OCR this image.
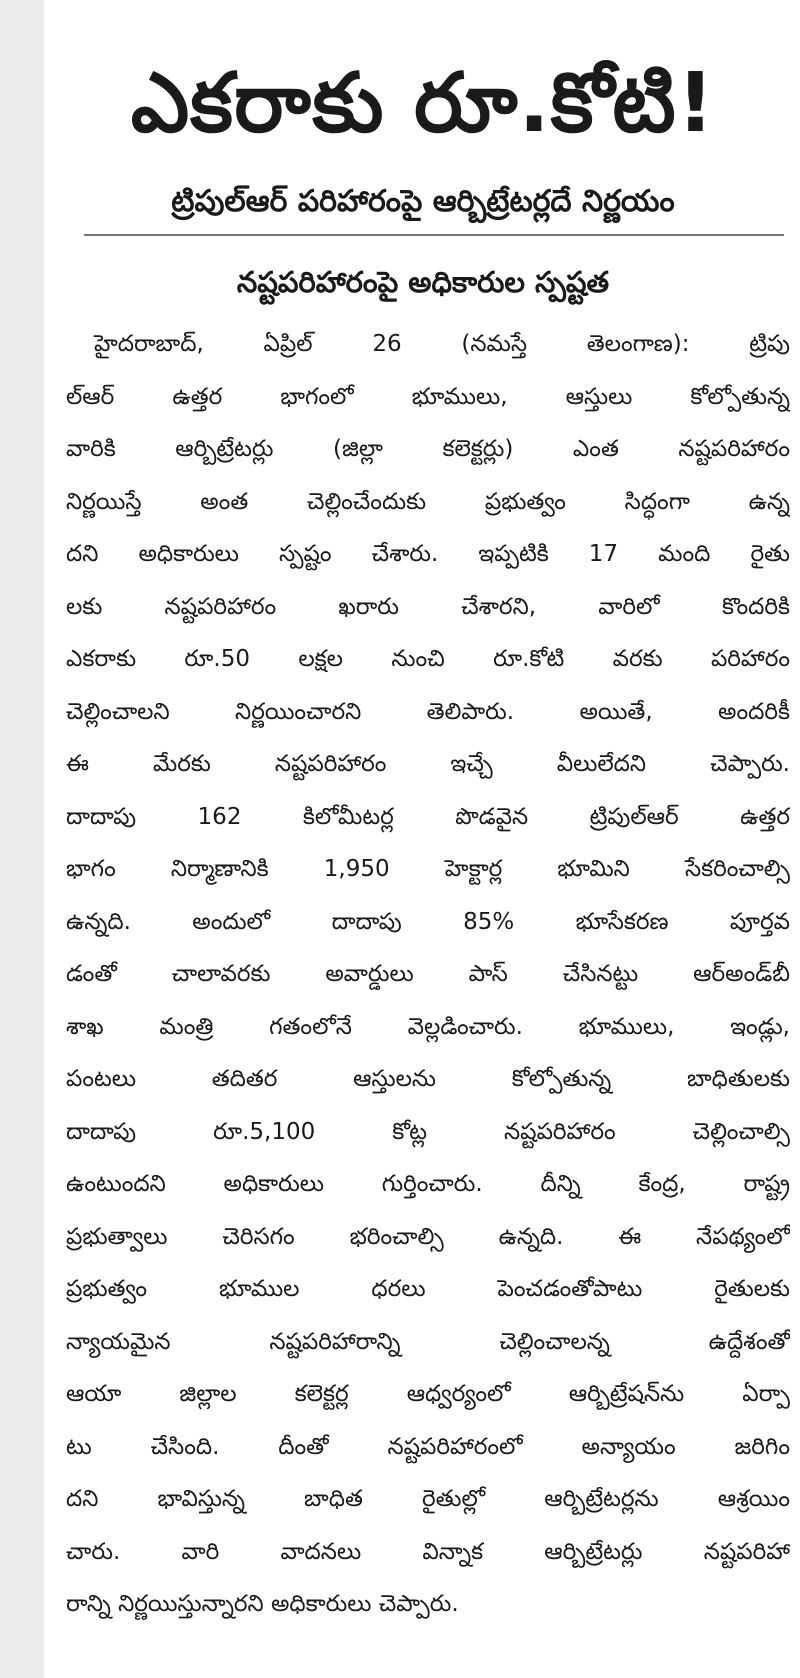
ఎకరాకు రూ.కోటి!
ట్రిపుల్‌ఆర్‌ పరిహారంపై ఆర్బిట్రేటర్లదే నిర్ణయం
నష్టపరిహారంపై అధికారుల స్పష్టత
హైదరాబాద్‌, ఏప్రిల్‌ 26 (నమస్తే తెలంగాణ): ట్రిపు
ల్‌ఆర్‌ ఉత్తర భాగంలో భూములు, ఆస్తులు కోల్పోతున్న
వారికి ఆర్బిట్రేటర్లు (జిల్లా కలెక్టర్లు) ఎంత నష్టపరిహారం
నిర్ణయిస్తే అంత చెల్లించేందుకు ప్రభుత్వం సిద్ధంగా ఉన్న
దని అధికారులు స్పష్టం చేశారు. ఇప్పటికి 17 మంది రైతు
లకు నష్టపరిహారం ఖరారు చేశారని, వారిలో కొందరికి
ఎకరాకు రూ.50 లక్షల నుంచి రూ.కోటి వరకు పరిహారం
చెల్లించాలని నిర్ణయించారని తెలిపారు. అయితే, అందరికీ
ఈ మేరకు నష్టపరిహారం ఇచ్చే వీలులేదని చెప్పారు.
దాదాపు 162 కిలోమీటర్ల పొడవైన ట్రిపుల్‌ఆర్‌ ఉత్తర
భాగం నిర్మాణానికి 1,950 హెక్టార్ల భూమిని సేకరించాల్సి
ఉన్నది. అందులో దాదాపు 85% భూసేకరణ పూర్తవ
డంతో చాలావరకు అవార్డులు పాస్‌ చేసినట్టు ఆర్‌అండ్‌బీ
శాఖ మంత్రి గతంలోనే వెల్లడించారు. భూములు, ఇండ్లు,
పంటలు తదితర ఆస్తులను కోల్పోతున్న బాధితులకు
దాదాపు రూ.5,100 కోట్ల నష్టపరిహారం చెల్లించాల్సి
ఉంటుందని అధికారులు గుర్తించారు. దీన్ని కేంద్ర, రాష్ట్ర
ప్రభుత్వాలు చెరిసగం భరించాల్సి ఉన్నది. ఈ నేపథ్యంలో
ప్రభుత్వం భూముల ధరలు పెంచడంతోపాటు రైతులకు
న్యాయమైన నష్టపరిహారాన్ని చెల్లించాలన్న ఉద్దేశంతో
ఆయా జిల్లాల కలెక్టర్ల ఆధ్వర్యంలో ఆర్బిట్రేషన్‌ను ఏర్పా
టు చేసింది. దీంతో నష్టపరిహారంలో అన్యాయం జరిగిం
దని భావిస్తున్న బాధిత రైతుల్లో ఆర్బిట్రేటర్లను ఆశ్రయిం
చారు. వారి వాదనలు విన్నాక ఆర్బిట్రేటర్లు నష్టపరిహా
రాన్ని నిర్ణయిస్తున్నారని అధికారులు చెప్పారు.
